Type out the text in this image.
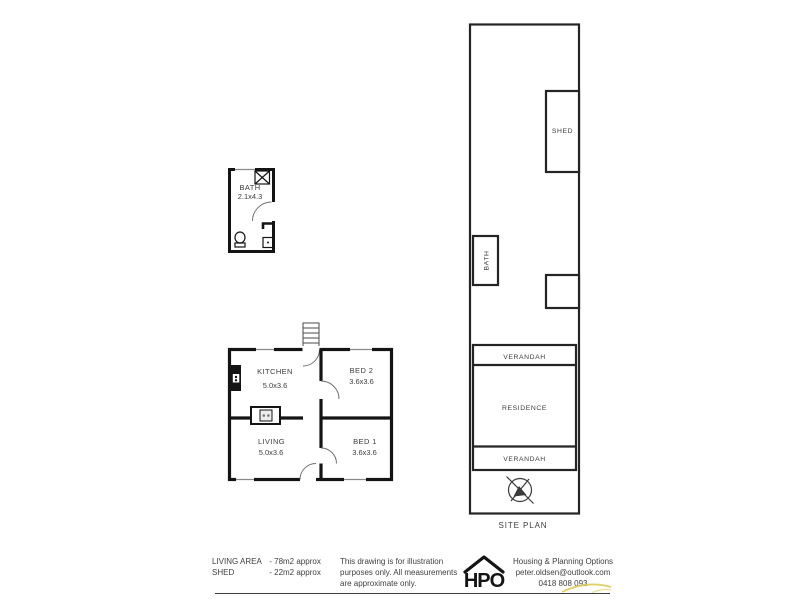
BATH
2.1x4.3
KITCHEN
5.0x3.6
BED 2
3.6x3.6
LIVING
5.0x3.6
BED 1
3.6x3.6
SHED
BATH
VERANDAH
RESIDENCE
VERANDAH
SITE PLAN
LIVING AREA - 78m2 approx
SHED	- 22m2 approx
This drawing is for illustration
purposes only. All measurements
are approximate only.	HPO
Housing & Planning Options
peter.oldsen@outlook.com
0418 808 093
